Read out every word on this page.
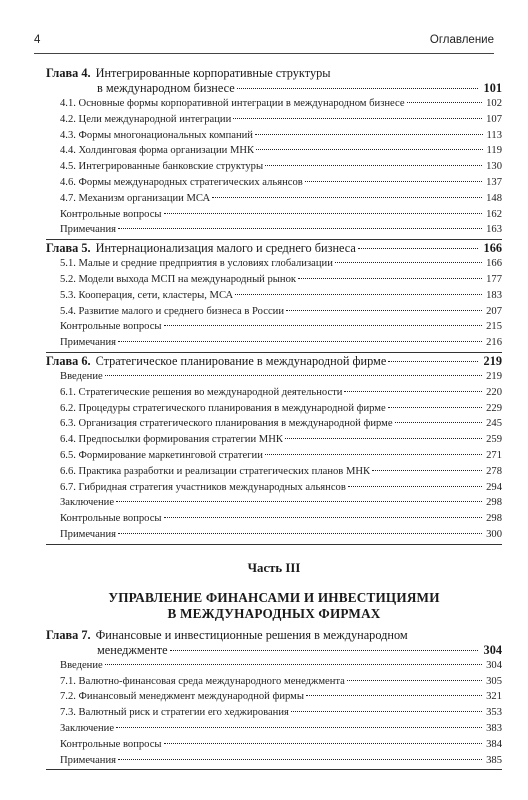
4	Оглавление
Глава 4. Интегрированные корпоративные структуры
в международном бизнесе	101
4.1. Основные формы корпоративной интеграции в международном бизнесе	102
4.2. Цели международной интеграции	107
4.3. Формы многонациональных компаний	113
4.4. Холдинговая форма организации МНК	119
4.5. Интегрированные банковские структуры	130
4.6. Формы международных стратегических альянсов	137
4.7. Механизм организации МСА	148
Контрольные вопросы	162
Примечания	163
Глава 5. Интернационализация малого и среднего бизнеса	166
5.1. Малые и средние предприятия в условиях глобализации	166
5.2. Модели выхода МСП на международный рынок	177
5.3. Кооперация, сети, кластеры, МСА	183
5.4. Развитие малого и среднего бизнеса в России	207
Контрольные вопросы	215
Примечания	216
Глава 6. Стратегическое планирование в международной фирме	219
Введение	219
6.1. Стратегические решения во международной деятельности	220
6.2. Процедуры стратегического планирования в международной фирме	229
6.3. Организация стратегического планирования в международной фирме	245
6.4. Предпосылки формирования стратегии МНК	259
6.5. Формирование маркетинговой стратегии	271
6.6. Практика разработки и реализации стратегических планов МНК	278
6.7. Гибридная стратегия участников международных альянсов	294
Заключение	298
Контрольные вопросы	298
Примечания	300
Часть III
УПРАВЛЕНИЕ ФИНАНСАМИ И ИНВЕСТИЦИЯМИ
В МЕЖДУНАРОДНЫХ ФИРМАХ
Глава 7. Финансовые и инвестиционные решения в международном
менеджменте	304
Введение	304
7.1. Валютно-финансовая среда международного менеджмента	305
7.2. Финансовый менеджмент международной фирмы	321
7.3. Валютный риск и стратегии его хеджирования	353
Заключение	383
Контрольные вопросы	384
Примечания	385
